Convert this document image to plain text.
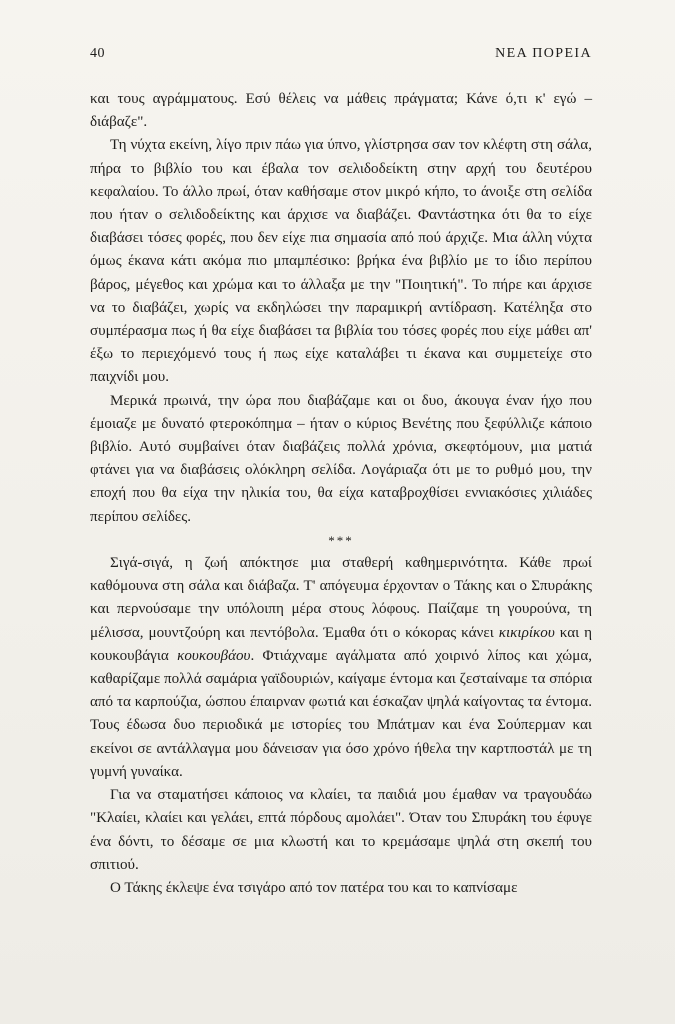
40	ΝΕΑ ΠΟΡΕΙΑ

και τους αγράμματους. Εσύ θέλεις να μάθεις πράγματα; Κάνε ό,τι κ' εγώ – διάβαζε".

Τη νύχτα εκείνη, λίγο πριν πάω για ύπνο, γλίστρησα σαν τον κλέφτη στη σάλα, πήρα το βιβλίο του και έβαλα τον σελιδοδείκτη στην αρχή του δευτέρου κεφαλαίου. Το άλλο πρωί, όταν καθήσαμε στον μικρό κήπο, το άνοιξε στη σελίδα που ήταν ο σελιδοδείκτης και άρχισε να διαβάζει. Φαντάστηκα ότι θα το είχε διαβάσει τόσες φορές, που δεν είχε πια σημασία από πού άρχιζε. Μια άλλη νύχτα όμως έκανα κάτι ακόμα πιο μπαμπέσικο: βρήκα ένα βιβλίο με το ίδιο περίπου βάρος, μέγεθος και χρώμα και το άλλαξα με την "Ποιητική". Το πήρε και άρχισε να το διαβάζει, χωρίς να εκδηλώσει την παραμικρή αντίδραση. Κατέληξα στο συμπέρασμα πως ή θα είχε διαβάσει τα βιβλία του τόσες φορές που είχε μάθει απ' έξω το περιεχόμενό τους ή πως είχε καταλάβει τι έκανα και συμμετείχε στο παιχνίδι μου.

Μερικά πρωινά, την ώρα που διαβάζαμε και οι δυο, άκουγα έναν ήχο που έμοιαζε με δυνατό φτεροκόπημα – ήταν ο κύριος Βενέτης που ξεφύλλιζε κάποιο βιβλίο. Αυτό συμβαίνει όταν διαβάζεις πολλά χρόνια, σκεφτόμουν, μια ματιά φτάνει για να διαβάσεις ολόκληρη σελίδα. Λογάριαζα ότι με το ρυθμό μου, την εποχή που θα είχα την ηλικία του, θα είχα καταβροχθίσει εννιακόσιες χιλιάδες περίπου σελίδες.

***

Σιγά-σιγά, η ζωή απόκτησε μια σταθερή καθημερινότητα. Κάθε πρωί καθόμουνα στη σάλα και διάβαζα. Τ' απόγευμα έρχονταν ο Τάκης και ο Σπυράκης και περνούσαμε την υπόλοιπη μέρα στους λόφους. Παίζαμε τη γουρούνα, τη μέλισσα, μουντζούρη και πεντόβολα. Έμαθα ότι ο κόκορας κάνει κικιρίκου και η κουκουβάγια κουκουβάου. Φτιάχναμε αγάλματα από χοιρινό λίπος και χώμα, καθαρίζαμε πολλά σαμάρια γαϊδουριών, καίγαμε έντομα και ζεσταίναμε τα σπόρια από τα καρπούζια, ώσπου έπαιρναν φωτιά και έσκαζαν ψηλά καίγοντας τα έντομα. Τους έδωσα δυο περιοδικά με ιστορίες του Μπάτμαν και ένα Σούπερμαν και εκείνοι σε αντάλλαγμα μου δάνεισαν για όσο χρόνο ήθελα την καρτποστάλ με τη γυμνή γυναίκα.

Για να σταματήσει κάποιος να κλαίει, τα παιδιά μου έμαθαν να τραγουδάω "Κλαίει, κλαίει και γελάει, επτά πόρδους αμολάει". Όταν του Σπυράκη του έφυγε ένα δόντι, το δέσαμε σε μια κλωστή και το κρεμάσαμε ψηλά στη σκεπή του σπιτιού.

Ο Τάκης έκλεψε ένα τσιγάρο από τον πατέρα του και το καπνίσαμε
